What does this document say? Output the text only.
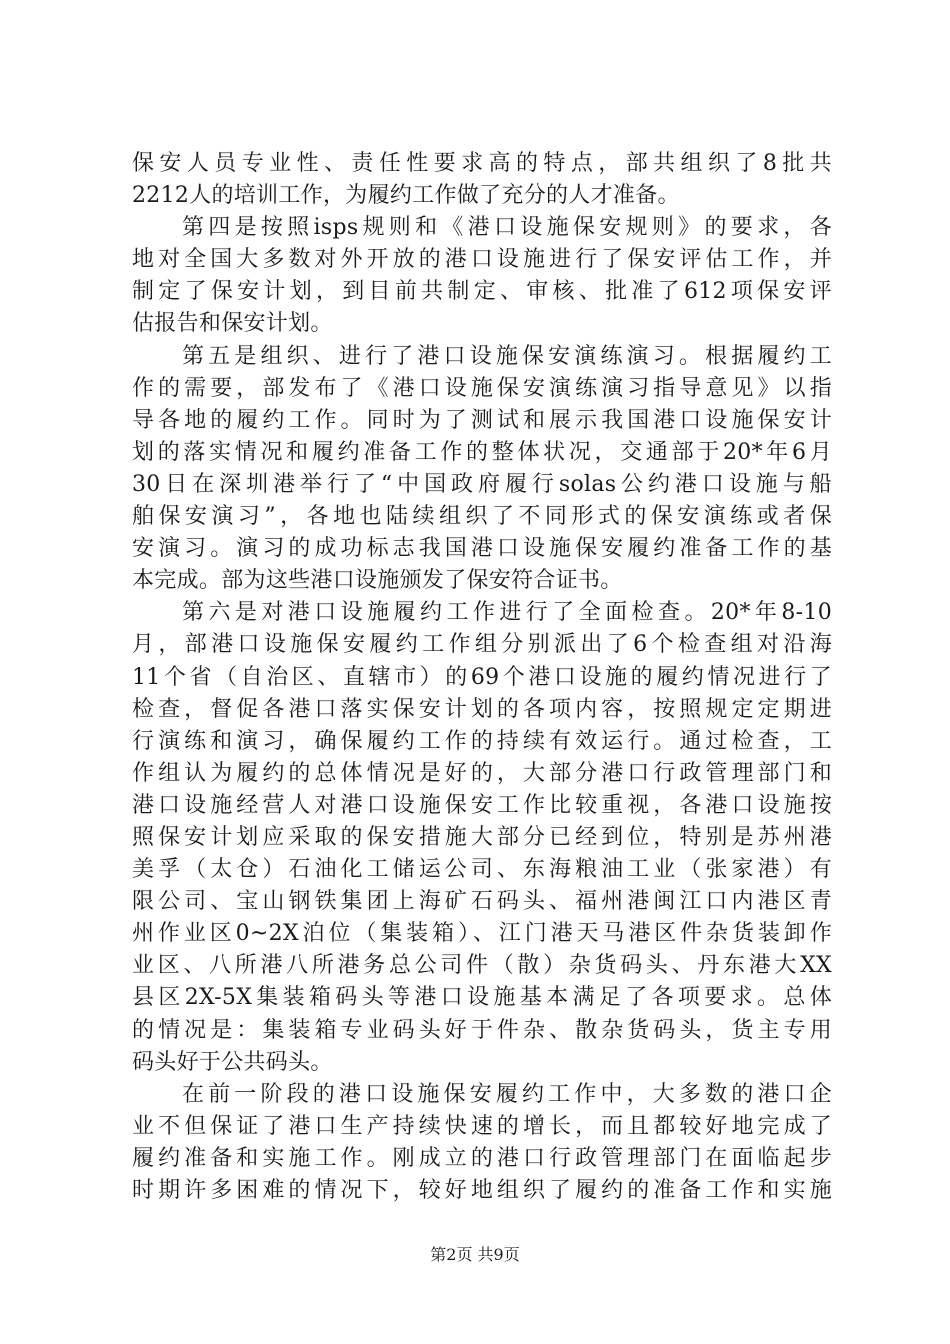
保安人员专业性、责任性要求高的特点，部共组织了8批共
2212人的培训工作，为履约工作做了充分的人才准备。
第四是按照isps规则和《港口设施保安规则》的要求，各
地对全国大多数对外开放的港口设施进行了保安评估工作，并
制定了保安计划，到目前共制定、审核、批准了612项保安评
估报告和保安计划。
第五是组织、进行了港口设施保安演练演习。根据履约工
作的需要，部发布了《港口设施保安演练演习指导意见》以指
导各地的履约工作。同时为了测试和展示我国港口设施保安计
划的落实情况和履约准备工作的整体状况，交通部于20*年6月
30日在深圳港举行了“中国政府履行solas公约港口设施与船
舶保安演习”，各地也陆续组织了不同形式的保安演练或者保
安演习。演习的成功标志我国港口设施保安履约准备工作的基
本完成。部为这些港口设施颁发了保安符合证书。
第六是对港口设施履约工作进行了全面检查。20*年8-10
月，部港口设施保安履约工作组分别派出了6个检查组对沿海
11个省（自治区、直辖市）的69个港口设施的履约情况进行了
检查，督促各港口落实保安计划的各项内容，按照规定定期进
行演练和演习，确保履约工作的持续有效运行。通过检查，工
作组认为履约的总体情况是好的，大部分港口行政管理部门和
港口设施经营人对港口设施保安工作比较重视，各港口设施按
照保安计划应采取的保安措施大部分已经到位，特别是苏州港
美孚（太仓）石油化工储运公司、东海粮油工业（张家港）有
限公司、宝山钢铁集团上海矿石码头、福州港闽江口内港区青
州作业区0~2X泊位（集装箱）、江门港天马港区件杂货装卸作
业区、八所港八所港务总公司件（散）杂货码头、丹东港大XX
县区2X-5X集装箱码头等港口设施基本满足了各项要求。总体
的情况是：集装箱专业码头好于件杂、散杂货码头，货主专用
码头好于公共码头。
在前一阶段的港口设施保安履约工作中，大多数的港口企
业不但保证了港口生产持续快速的增长，而且都较好地完成了
履约准备和实施工作。刚成立的港口行政管理部门在面临起步
时期许多困难的情况下，较好地组织了履约的准备工作和实施
第2页 共9页
